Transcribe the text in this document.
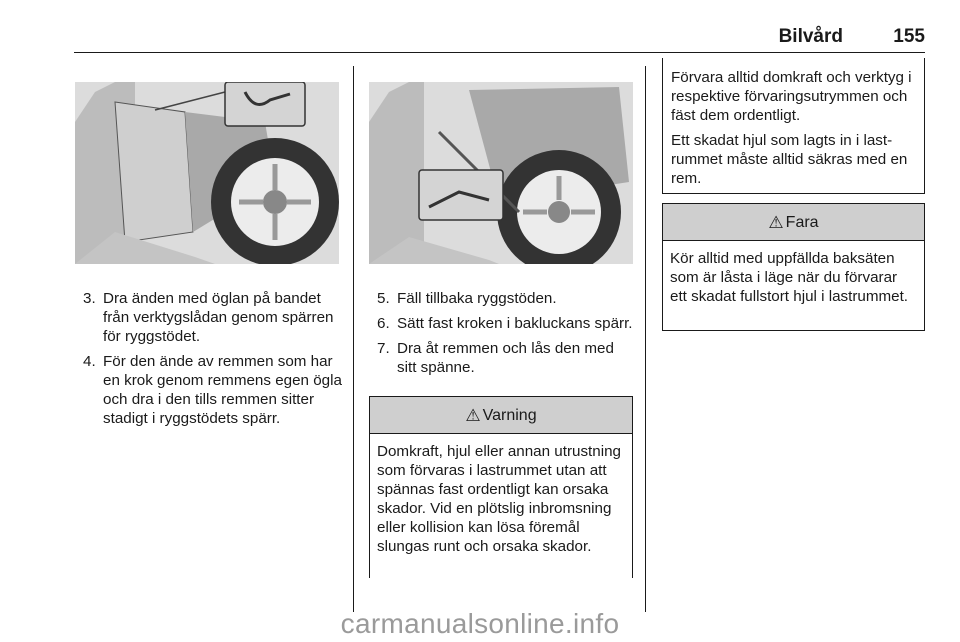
Bilvård	155
3. Dra änden med öglan på bandet från verktygslådan genom spärren för ryggstödet.
4. För den ände av remmen som har en krok genom remmens egen ögla och dra i den tills remmen sitter stadigt i ryggstödets spärr.
5. Fäll tillbaka ryggstöden.
6. Sätt fast kroken i bakluckans spärr.
7. Dra åt remmen och lås den med sitt spänne.
⚠ Varning
Domkraft, hjul eller annan utrustning som förvaras i lastrummet utan att spännas fast ordentligt kan orsaka skador. Vid en plötslig inbromsning eller kollision kan lösa föremål slungas runt och orsaka skador.

Förvara alltid domkraft och verktyg i respektive förvaringsutrymmen och fäst dem ordentligt.

Ett skadat hjul som lagts in i lastrummet måste alltid säkras med en rem.

⚠ Fara
Kör alltid med uppfällda baksäten som är låsta i läge när du förvarar ett skadat fullstort hjul i lastrummet.
carmanualsonline.info
